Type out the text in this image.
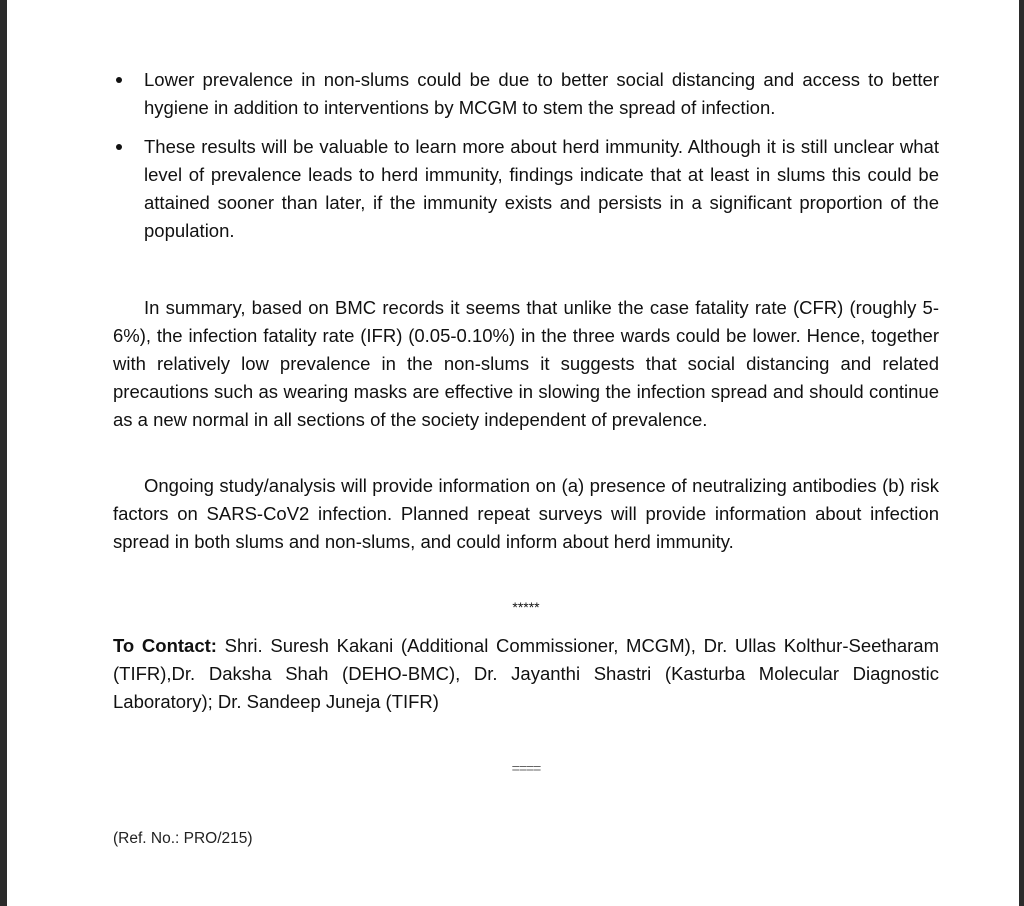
Lower prevalence in non-slums could be due to better social distancing and access to better hygiene in addition to interventions by MCGM to stem the spread of infection.
These results will be valuable to learn more about herd immunity. Although it is still unclear what level of prevalence leads to herd immunity, findings indicate that at least in slums this could be attained sooner than later, if the immunity exists and persists in a significant proportion of the population.

In summary, based on BMC records it seems that unlike the case fatality rate (CFR) (roughly 5-6%), the infection fatality rate (IFR) (0.05-0.10%) in the three wards could be lower. Hence, together with relatively low prevalence in the non-slums it suggests that social distancing and related precautions such as wearing masks are effective in slowing the infection spread and should continue as a new normal in all sections of the society independent of prevalence.

Ongoing study/analysis will provide information on (a) presence of neutralizing antibodies (b) risk factors on SARS-CoV2 infection. Planned repeat surveys will provide information about infection spread in both slums and non-slums, and could inform about herd immunity.

*****

To Contact: Shri. Suresh Kakani (Additional Commissioner, MCGM), Dr. Ullas Kolthur-Seetharam (TIFR),Dr. Daksha Shah (DEHO-BMC), Dr. Jayanthi Shastri (Kasturba Molecular Diagnostic Laboratory); Dr. Sandeep Juneja (TIFR)

====
(Ref. No.: PRO/215)
